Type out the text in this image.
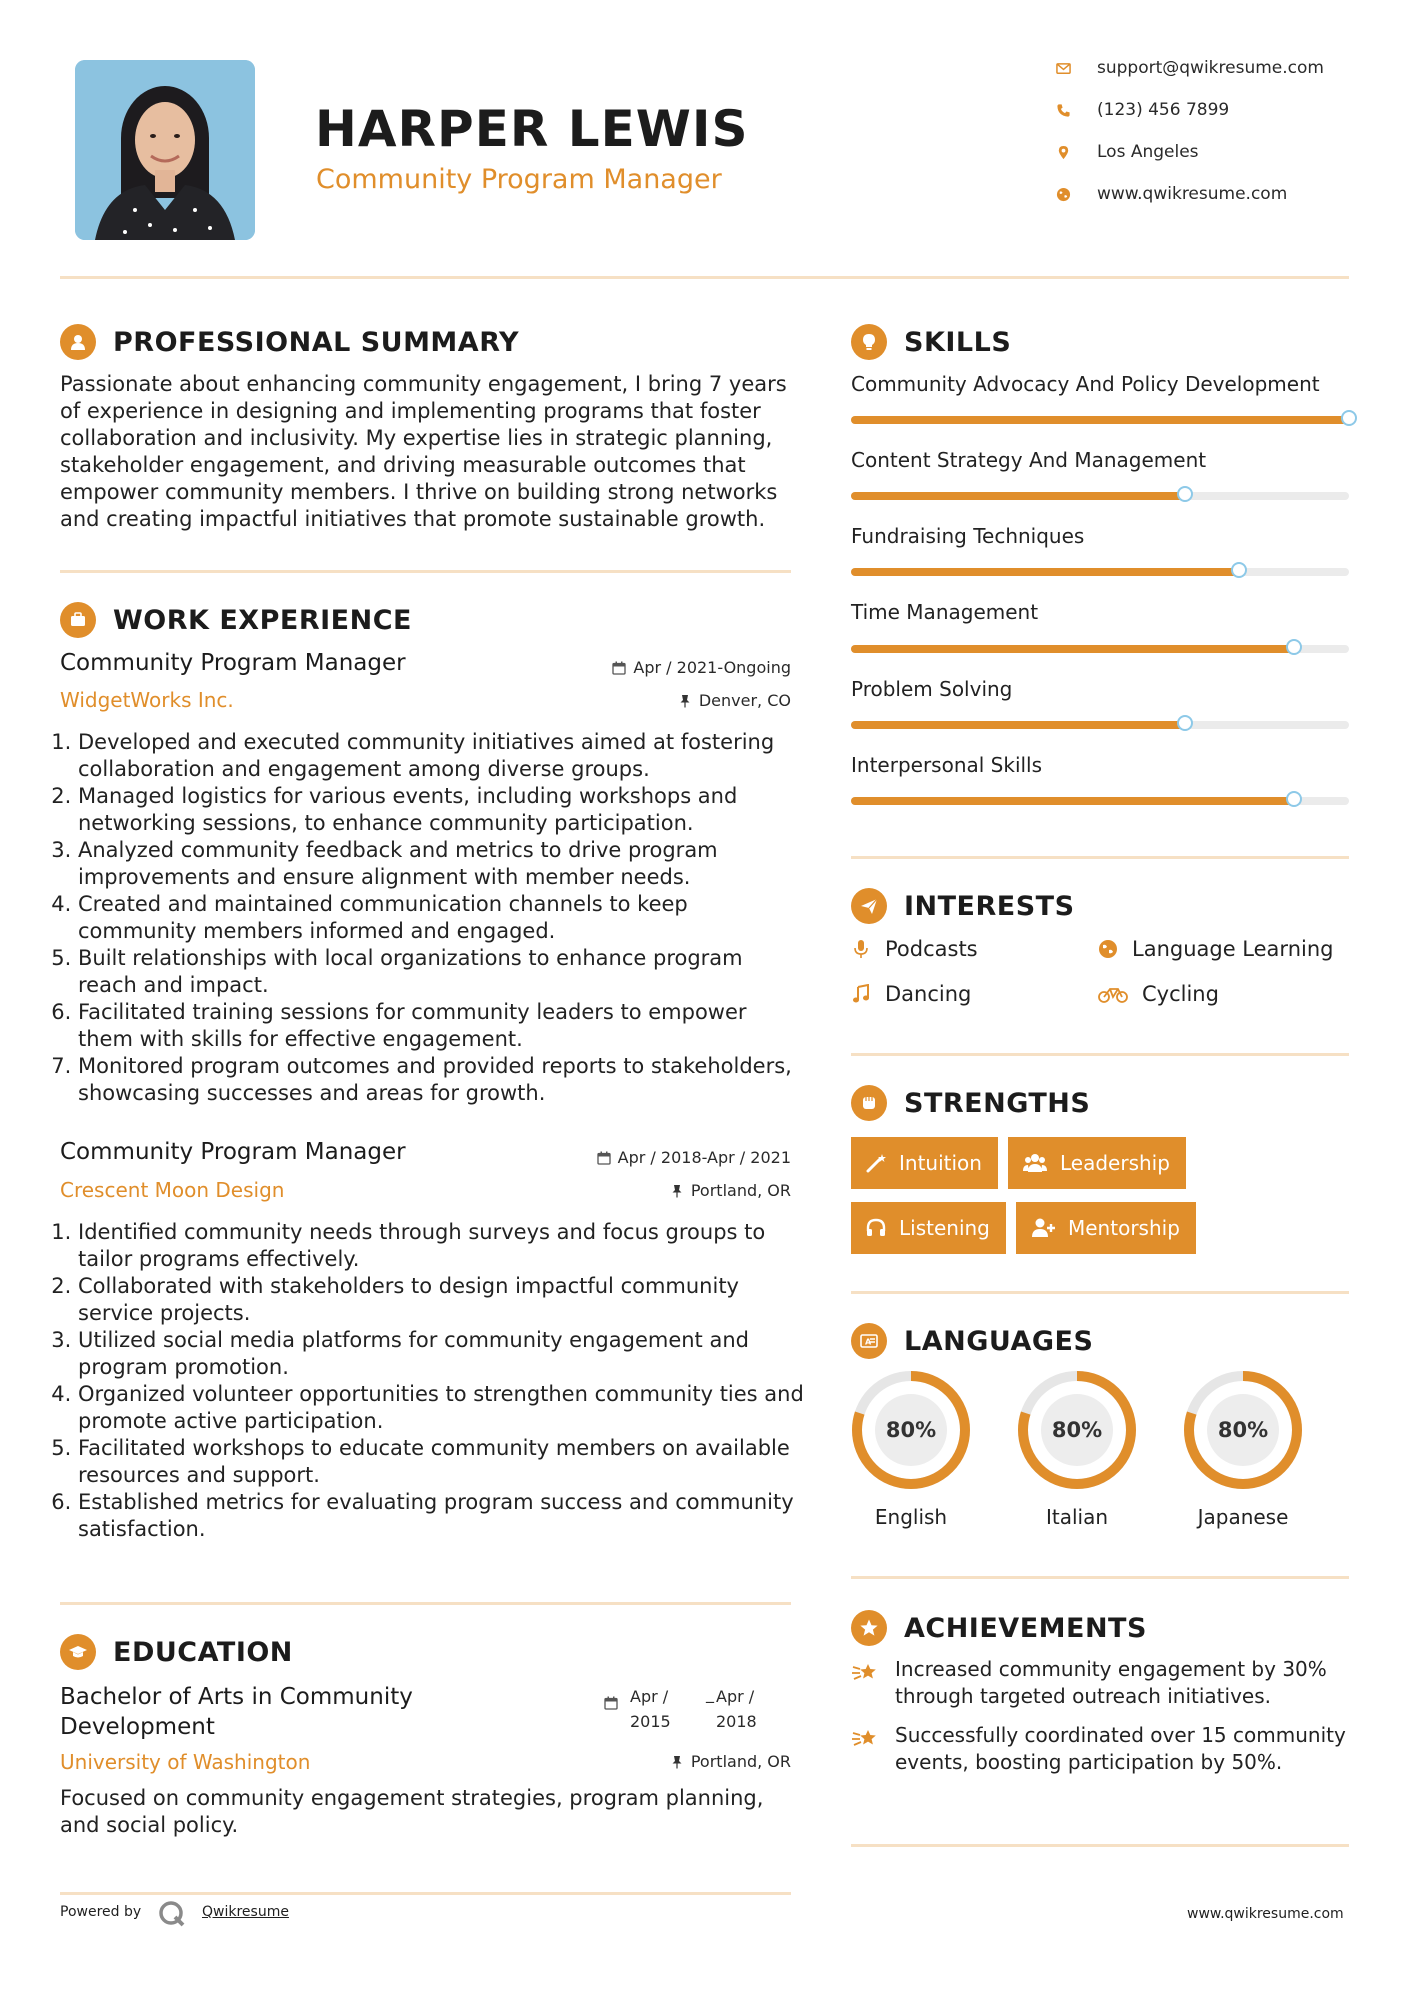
HARPER LEWIS
Community Program Manager
support@qwikresume.com
(123) 456 7899
Los Angeles
www.qwikresume.com
PROFESSIONAL SUMMARY
Passionate about enhancing community engagement, I bring 7 years of experience in designing and implementing programs that foster collaboration and inclusivity. My expertise lies in strategic planning, stakeholder engagement, and driving measurable outcomes that empower community members. I thrive on building strong networks and creating impactful initiatives that promote sustainable growth.
WORK EXPERIENCE
Community Program Manager
WidgetWorks Inc.
Apr / 2021-Ongoing
Denver, CO
1. Developed and executed community initiatives aimed at fostering collaboration and engagement among diverse groups.
2. Managed logistics for various events, including workshops and networking sessions, to enhance community participation.
3. Analyzed community feedback and metrics to drive program improvements and ensure alignment with member needs.
4. Created and maintained communication channels to keep community members informed and engaged.
5. Built relationships with local organizations to enhance program reach and impact.
6. Facilitated training sessions for community leaders to empower them with skills for effective engagement.
7. Monitored program outcomes and provided reports to stakeholders, showcasing successes and areas for growth.
Community Program Manager
Crescent Moon Design
Apr / 2018-Apr / 2021
Portland, OR
1. Identified community needs through surveys and focus groups to tailor programs effectively.
2. Collaborated with stakeholders to design impactful community service projects.
3. Utilized social media platforms for community engagement and program promotion.
4. Organized volunteer opportunities to strengthen community ties and promote active participation.
5. Facilitated workshops to educate community members on available resources and support.
6. Established metrics for evaluating program success and community satisfaction.
EDUCATION
Bachelor of Arts in Community Development
University of Washington
Apr / 2015
_ Apr / 2018
Portland, OR
Focused on community engagement strategies, program planning, and social policy.
SKILLS
Community Advocacy And Policy Development
Content Strategy And Management
Fundraising Techniques
Time Management
Problem Solving
Interpersonal Skills
INTERESTS
Podcasts	Language Learning
Dancing	Cycling
STRENGTHS
Intuition	Leadership
Listening	Mentorship
A LANGUAGES
80%
English
80%
Italian
80%
Japanese
ACHIEVEMENTS
Increased community engagement by 30% through targeted outreach initiatives.
Successfully coordinated over 15 community events, boosting participation by 50%.
Powered by	Qwikresume	www.qwikresume.com
